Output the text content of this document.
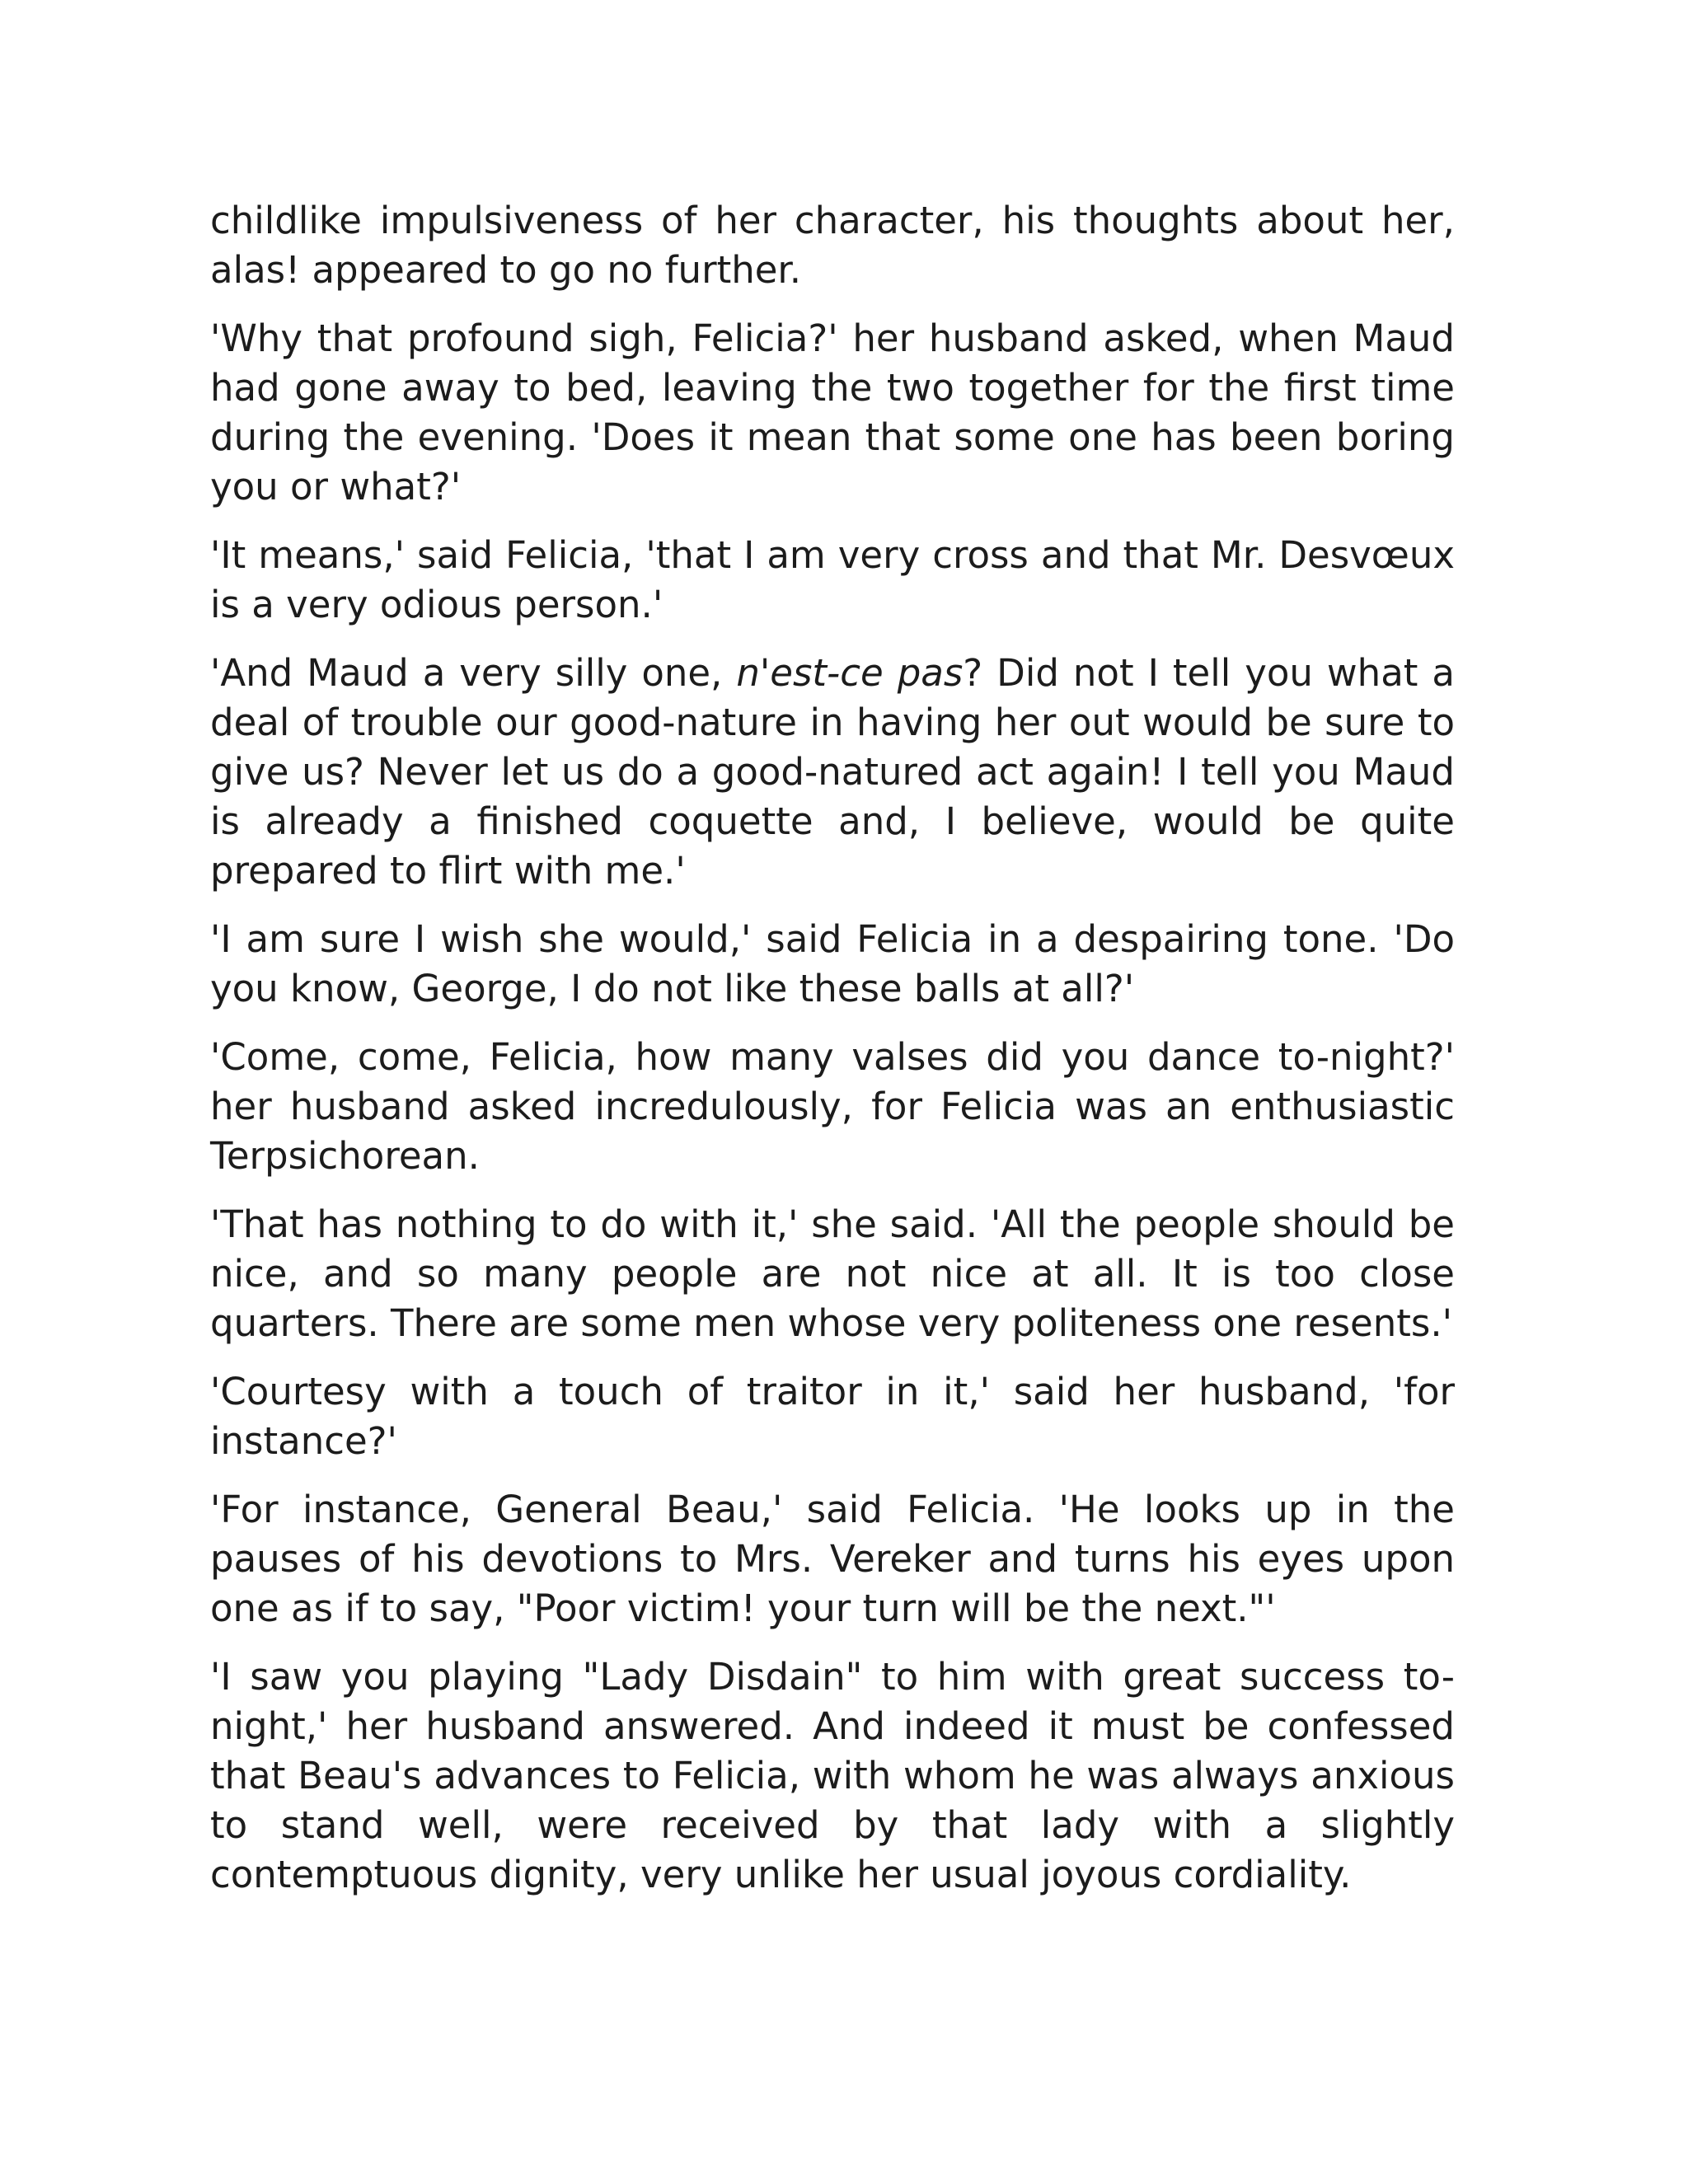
childlike impulsiveness of her character, his thoughts about her, alas! appeared to go no further.

'Why that profound sigh, Felicia?' her husband asked, when Maud had gone away to bed, leaving the two together for the first time during the evening. 'Does it mean that some one has been boring you or what?'

'It means,' said Felicia, 'that I am very cross and that Mr. Desvœux is a very odious person.'

'And Maud a very silly one, n'est-ce pas? Did not I tell you what a deal of trouble our good-nature in having her out would be sure to give us? Never let us do a good-natured act again! I tell you Maud is already a finished coquette and, I believe, would be quite prepared to flirt with me.'

'I am sure I wish she would,' said Felicia in a despairing tone. 'Do you know, George, I do not like these balls at all?'

'Come, come, Felicia, how many valses did you dance to-night?' her husband asked incredulously, for Felicia was an enthusiastic Terpsichorean.

'That has nothing to do with it,' she said. 'All the people should be nice, and so many people are not nice at all. It is too close quarters. There are some men whose very politeness one resents.'

'Courtesy with a touch of traitor in it,' said her husband, 'for instance?'

'For instance, General Beau,' said Felicia. 'He looks up in the pauses of his devotions to Mrs. Vereker and turns his eyes upon one as if to say, "Poor victim! your turn will be the next."'

'I saw you playing "Lady Disdain" to him with great success to-night,' her husband answered. And indeed it must be confessed that Beau's advances to Felicia, with whom he was always anxious to stand well, were received by that lady with a slightly contemptuous dignity, very unlike her usual joyous cordiality.
